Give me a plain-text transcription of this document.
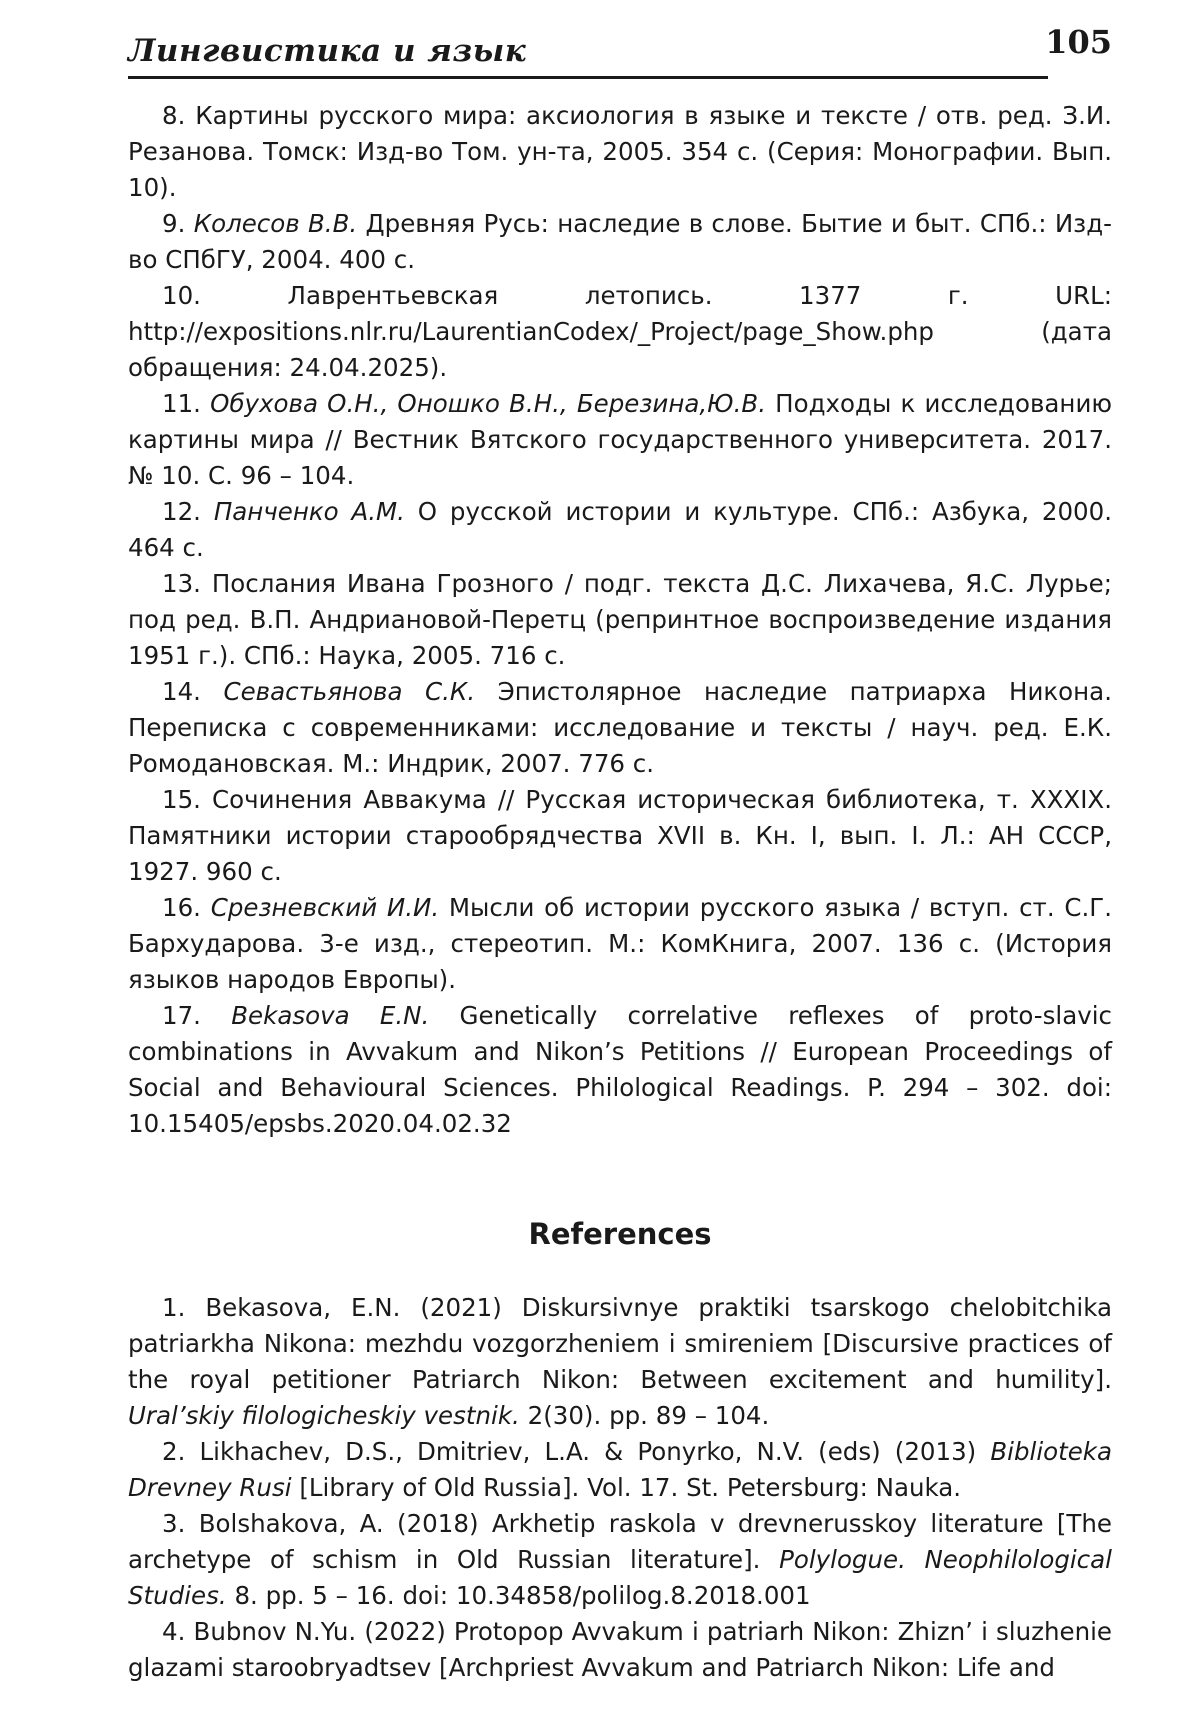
Лингвистика и язык	105

8. Картины русского мира: аксиология в языке и тексте / отв. ред. З.И. Резанова. Томск: Изд-во Том. ун-та, 2005. 354 с. (Серия: Монографии. Вып. 10).

9. Колесов В.В. Древняя Русь: наследие в слове. Бытие и быт. СПб.: Изд-во СПбГУ, 2004. 400 с.

10.	Лаврентьевская летопись. 1377 г. URL: http://expositions.nlr.ru/LaurentianCodex/_Project/page_Show.php (дата обращения: 24.04.2025).

11. Обухова О.Н., Оношко В.Н., Березина,Ю.В. Подходы к исследованию картины мира // Вестник Вятского государственного университета. 2017. № 10. С. 96 – 104.

12. Панченко А.М. О русской истории и культуре. СПб.: Азбука, 2000. 464 с.

13. Послания Ивана Грозного / подг. текста Д.С. Лихачева, Я.С. Лурье; под ред. В.П. Андриановой-Перетц (репринтное воспроизведение издания 1951 г.). СПб.: Наука, 2005. 716 с.

14. Севастьянова С.К. Эпистолярное наследие патриарха Никона. Переписка с современниками: исследование и тексты / науч. ред. Е.К. Ромодановская. М.: Индрик, 2007. 776 с.

15. Сочинения Аввакума // Русская историческая библиотека, т. XXXIX. Памятники истории старообрядчества XVII в. Кн. I, вып. I. Л.: АН СССР, 1927. 960 с.

16. Срезневский И.И. Мысли об истории русского языка / вступ. ст. С.Г. Бархударова. 3-е изд., стереотип. М.: КомКнига, 2007. 136 с. (История языков народов Европы).

17. Bekasova E.N. Genetically correlative reflexes of proto-slavic combinations in Avvakum and Nikon’s Petitions // European Proceedings of Social and Behavioural Sciences. Philological Readings. P. 294 – 302. doi: 10.15405/epsbs.2020.04.02.32

References

1. Bekasova, E.N. (2021) Diskursivnye praktiki tsarskogo chelobitchika patriarkha Nikona: mezhdu vozgorzheniem i smireniem [Discursive practices of the royal petitioner Patriarch Nikon: Between excitement and humility]. Ural’skiy filologicheskiy vestnik. 2(30). pp. 89 – 104.

2. Likhachev, D.S., Dmitriev, L.A. & Ponyrko, N.V. (eds) (2013) Biblioteka Drevney Rusi [Library of Old Russia]. Vol. 17. St. Petersburg: Nauka.

3. Bolshakova, A. (2018) Arkhetip raskola v drevnerusskoy literature [The archetype of schism in Old Russian literature]. Polylogue. Neophilological Studies. 8. pp. 5 – 16. doi: 10.34858/polilog.8.2018.001

4. Bubnov N.Yu. (2022) Protopop Avvakum i patriarh Nikon: Zhizn’ i sluzhenie glazami staroobryadtsev [Archpriest Avvakum and Patriarch Nikon: Life and
